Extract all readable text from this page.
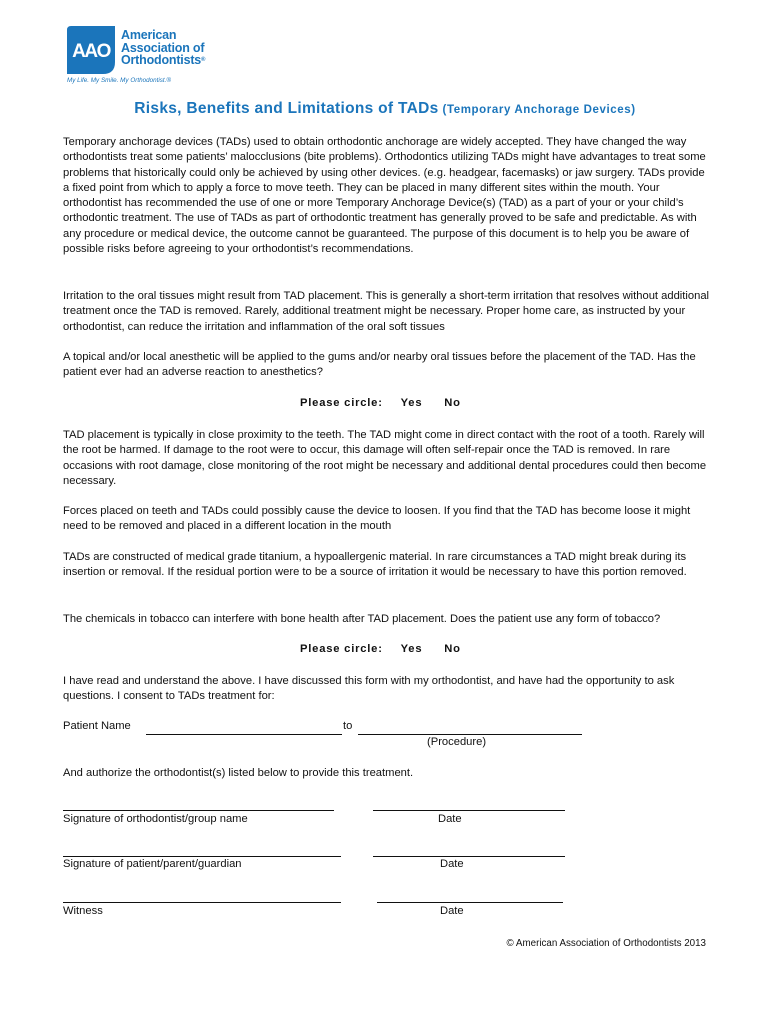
AAO
American
Association of
Orthodontists®
My Life. My Smile. My Orthodontist.®
Risks, Benefits and Limitations of TADs (Temporary Anchorage Devices)

Temporary anchorage devices (TADs) used to obtain orthodontic anchorage are widely accepted. They have changed the way orthodontists treat some patients’ malocclusions (bite problems). Orthodontics utilizing TADs might have advantages to treat some problems that historically could only be achieved by using other devices. (e.g. headgear, facemasks) or jaw surgery. TADs provide a fixed point from which to apply a force to move teeth. They can be placed in many different sites within the mouth. Your orthodontist has recommended the use of one or more Temporary Anchorage Device(s) (TAD) as a part of your or your child’s orthodontic treatment. The use of TADs as part of orthodontic treatment has generally proved to be safe and predictable. As with any procedure or medical device, the outcome cannot be guaranteed. The purpose of this document is to help you be aware of possible risks before agreeing to your orthodontist’s recommendations.

Irritation to the oral tissues might result from TAD placement. This is generally a short-term irritation that resolves without additional treatment once the TAD is removed. Rarely, additional treatment might be necessary. Proper home care, as instructed by your orthodontist, can reduce the irritation and inflammation of the oral soft tissues

A topical and/or local anesthetic will be applied to the gums and/or nearby oral tissues before the placement of the TAD. Has the patient ever had an adverse reaction to anesthetics?

Please circle: Yes No

TAD placement is typically in close proximity to the teeth. The TAD might come in direct contact with the root of a tooth. Rarely will the root be harmed. If damage to the root were to occur, this damage will often self-repair once the TAD is removed. In rare occasions with root damage, close monitoring of the root might be necessary and additional dental procedures could then become necessary.

Forces placed on teeth and TADs could possibly cause the device to loosen. If you find that the TAD has become loose it might need to be removed and placed in a different location in the mouth

TADs are constructed of medical grade titanium, a hypoallergenic material. In rare circumstances a TAD might break during its insertion or removal. If the residual portion were to be a source of irritation it would be necessary to have this portion removed.

The chemicals in tobacco can interfere with bone health after TAD placement. Does the patient use any form of tobacco?

Please circle: Yes No

I have read and understand the above. I have discussed this form with my orthodontist, and have had the opportunity to ask questions. I consent to TADs treatment for:

Patient Name	to
(Procedure)

And authorize the orthodontist(s) listed below to provide this treatment.

Signature of orthodontist/group name	Date
Signature of patient/parent/guardian	Date
Witness	Date
© American Association of Orthodontists 2013
